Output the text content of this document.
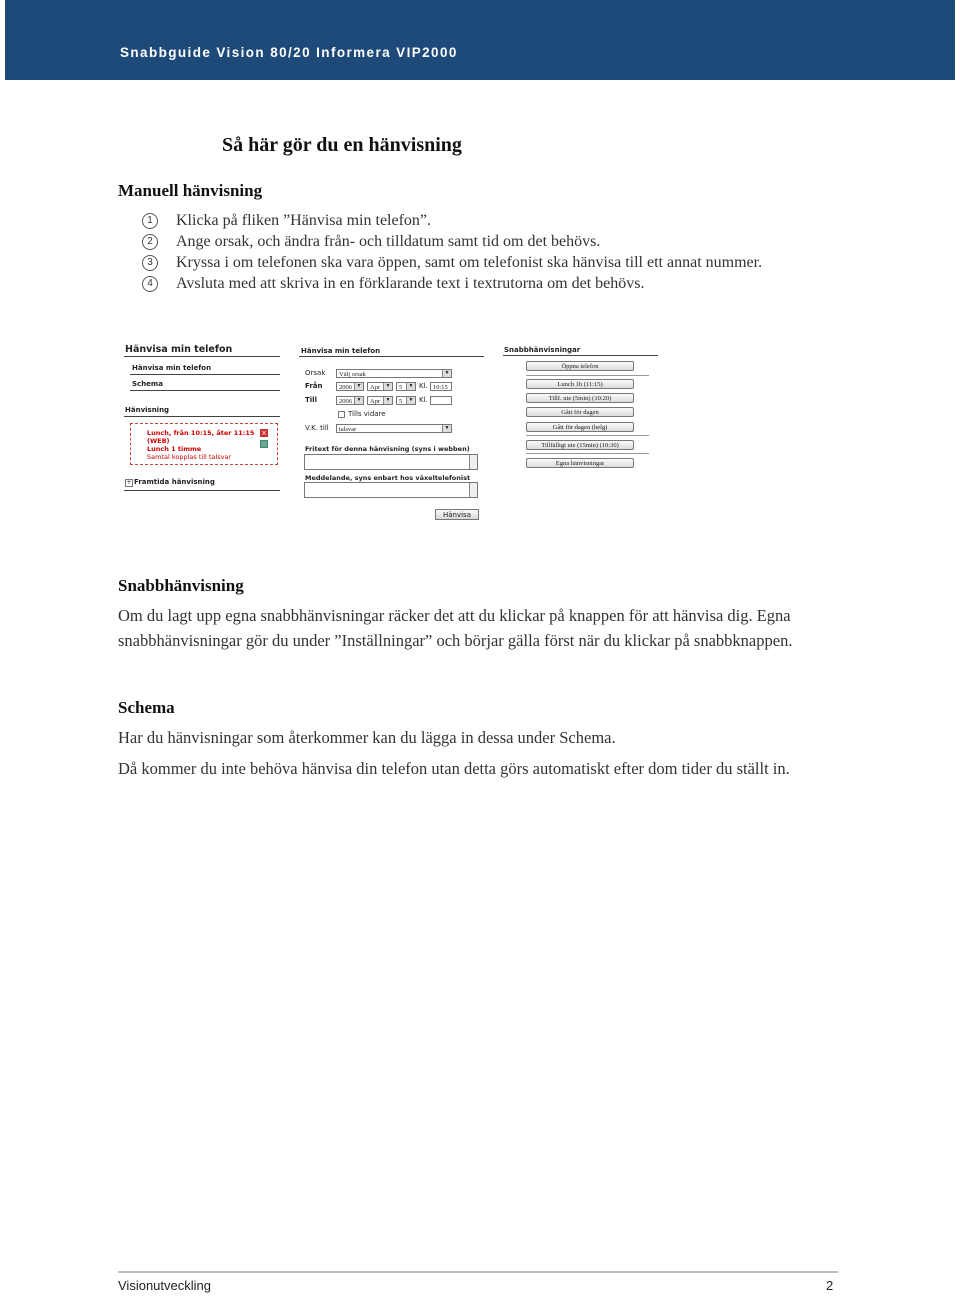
Snabbguide Vision 80/20 Informera VIP2000
Så här gör du en hänvisning
Manuell hänvisning
1	Klicka på fliken ”Hänvisa min telefon”.
2	Ange orsak, och ändra från- och tilldatum samt tid om det behövs.
3	Kryssa i om telefonen ska vara öppen, samt om telefonist ska hänvisa till ett annat nummer.
4	Avsluta med att skriva in en förklarande text i textrutorna om det behövs.
Hänvisa min telefon
Hänvisa min telefon
Schema
Hänvisning
Lunch, från 10:15, åter 11:15
(WEB)
Lunch 1 timme
Samtal kopplas till talsvar
×
+ Framtida hänvisning
Hänvisa min telefon
Orsak	Välj orsak	▼
Från	2006 ▼	Apr	▼	5	▼ Kl. 10:15
Till	2006 ▼	Apr	▼	5	▼ Kl.
Tills vidare
V.K. till	talsvar	▼
Fritext för denna hänvisning (syns i webben)
Meddelande, syns enbart hos växeltelefonist
Hänvisa
Snabbhänvisningar
Öppna telefon
Lunch 1h (11:15)
Tillf. ute (5min) (10:20)
Gått för dagen
Gått för dagen (helg)
Tillfälligt ute (15min) (10:30)
Egna hänvisningar
Snabbhänvisning

Om du lagt upp egna snabbhänvisningar räcker det att du klickar på knappen för att hänvisa dig. Egna snabbhänvisningar gör du under ”Inställningar” och börjar gälla först när du klickar på snabbknappen.

Schema

Har du hänvisningar som återkommer kan du lägga in dessa under Schema.

Då kommer du inte behöva hänvisa din telefon utan detta görs automatiskt efter dom tider du ställt in.

Visionutveckling	2
